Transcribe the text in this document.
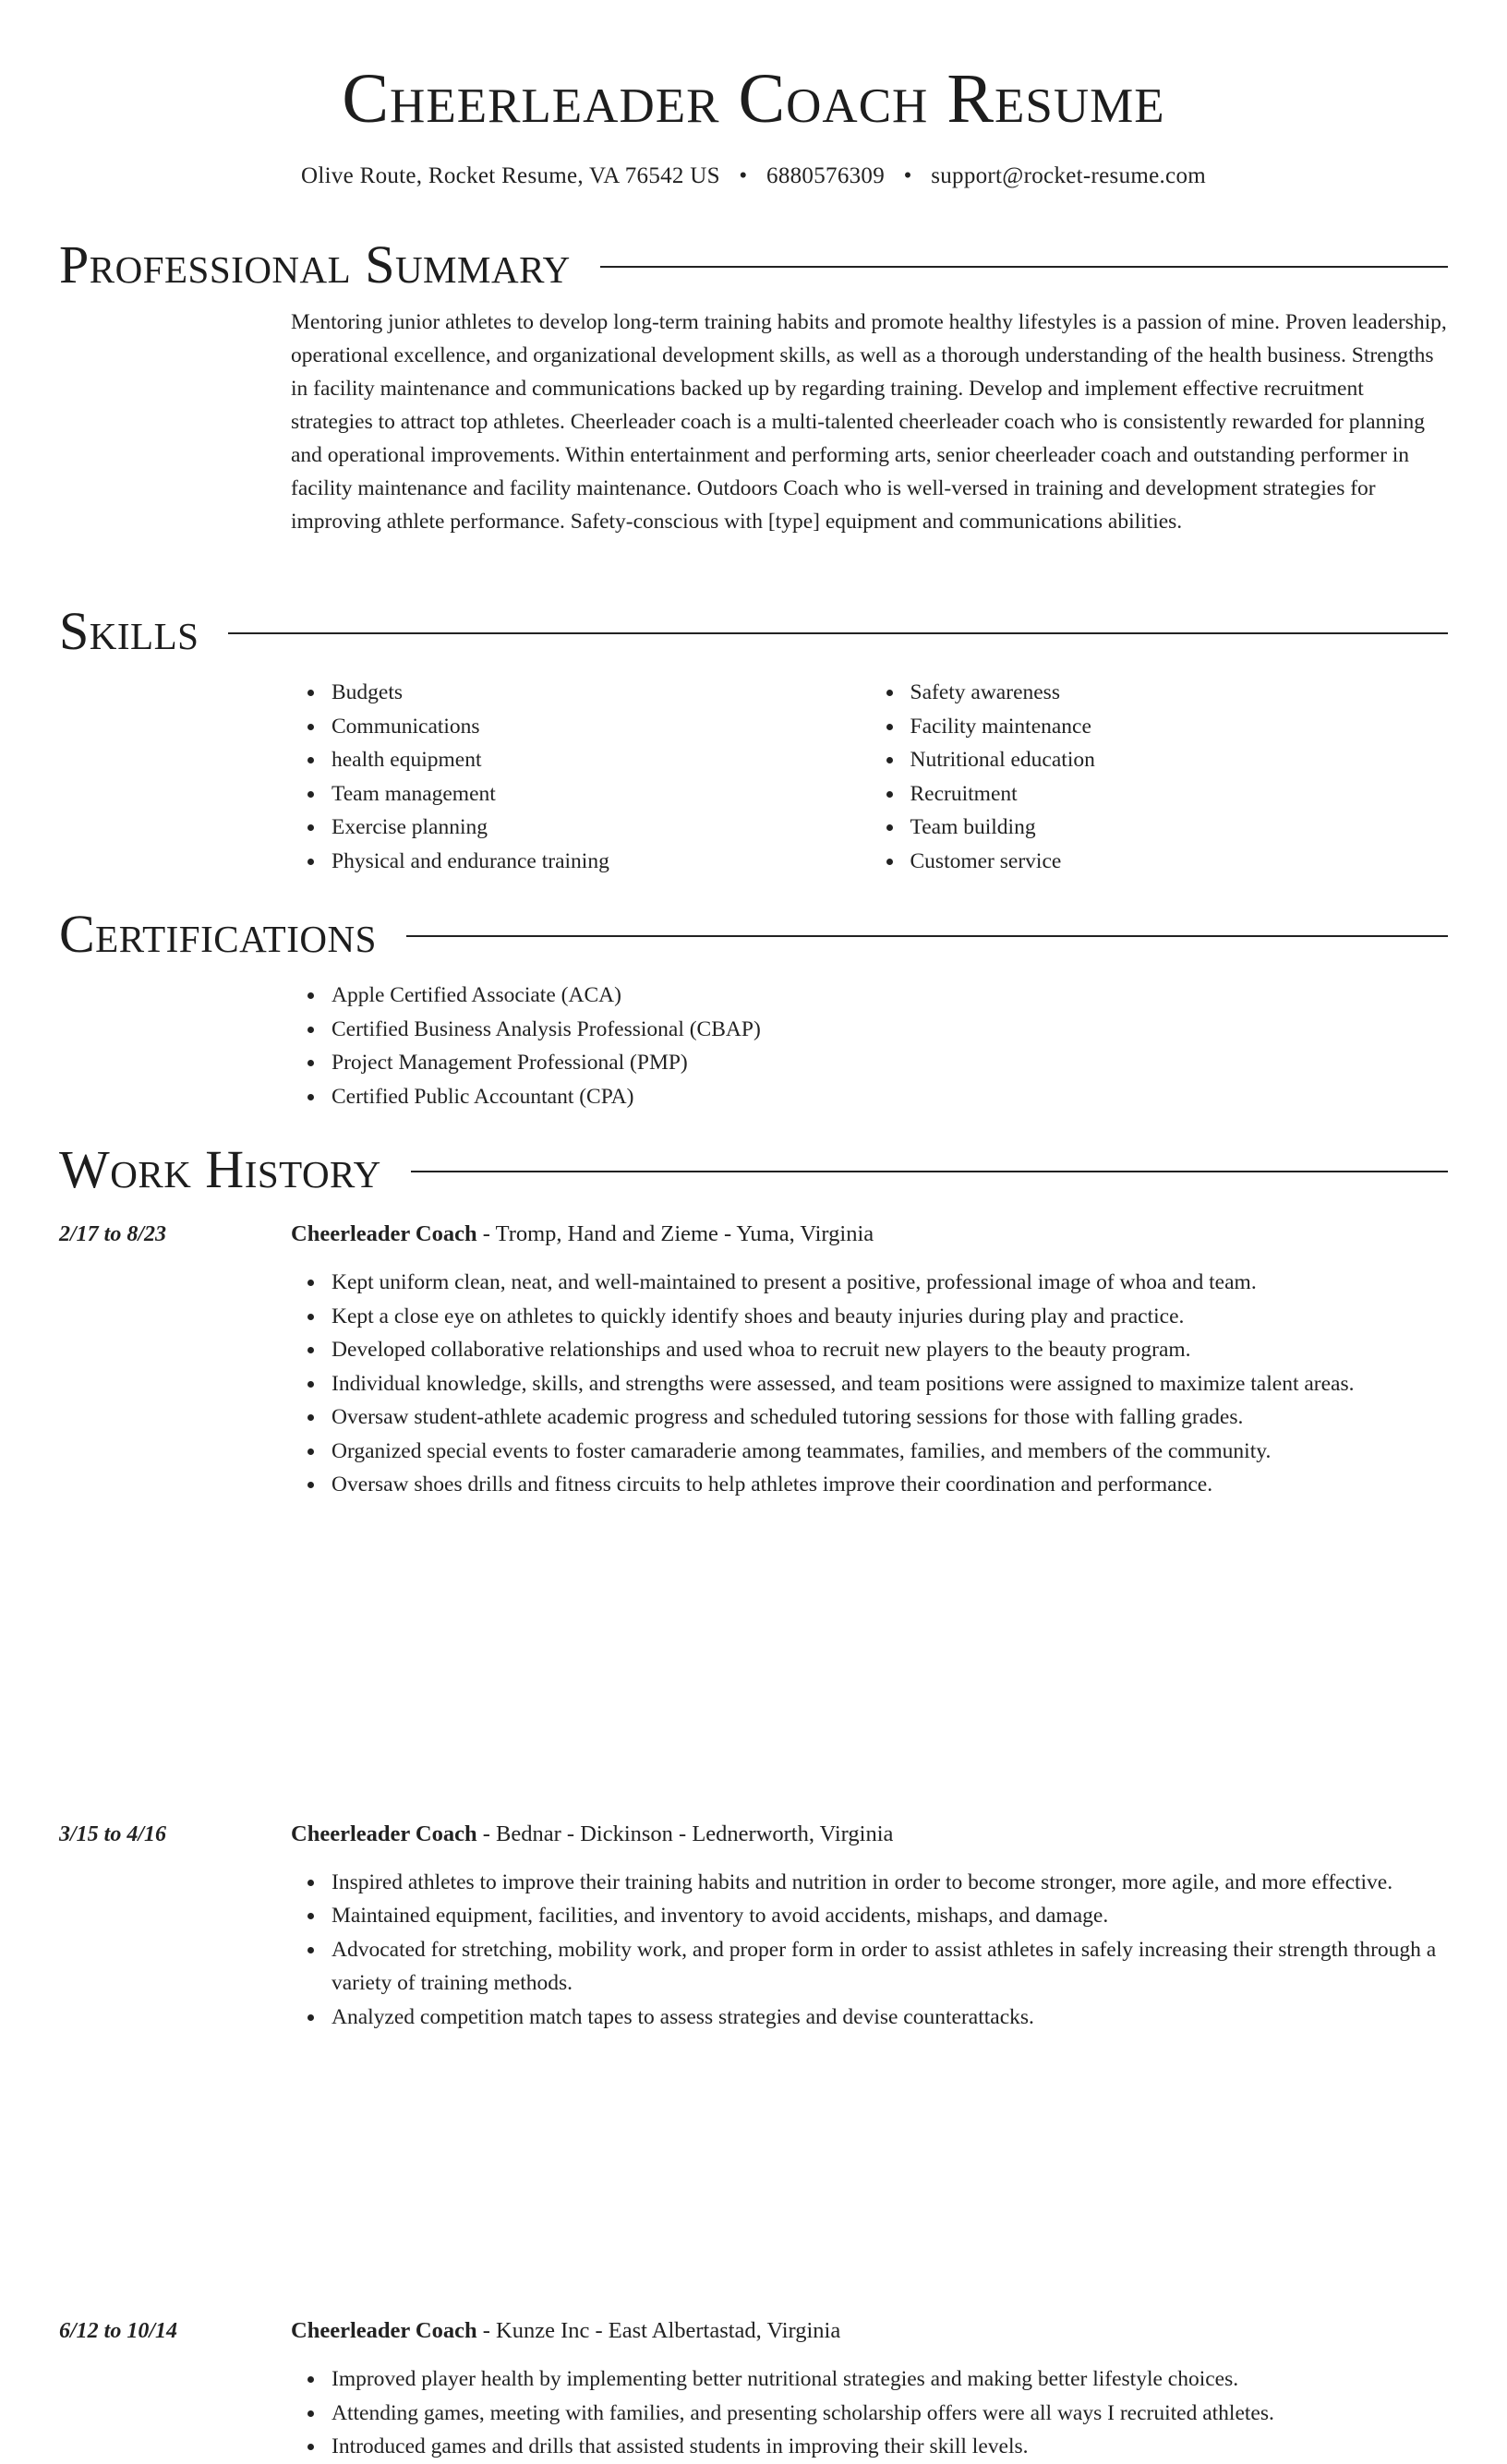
Cheerleader Coach Resume
Olive Route, Rocket Resume, VA 76542 US • 6880576309 • support@rocket-resume.com
Professional Summary
Mentoring junior athletes to develop long-term training habits and promote healthy lifestyles is a passion of mine. Proven leadership, operational excellence, and organizational development skills, as well as a thorough understanding of the health business. Strengths in facility maintenance and communications backed up by regarding training. Develop and implement effective recruitment strategies to attract top athletes. Cheerleader coach is a multi-talented cheerleader coach who is consistently rewarded for planning and operational improvements. Within entertainment and performing arts, senior cheerleader coach and outstanding performer in facility maintenance and facility maintenance. Outdoors Coach who is well-versed in training and development strategies for improving athlete performance. Safety-conscious with [type] equipment and communications abilities.
Skills
Budgets
Communications
health equipment
Team management
Exercise planning
Physical and endurance training
Safety awareness
Facility maintenance
Nutritional education
Recruitment
Team building
Customer service
Certifications
Apple Certified Associate (ACA)
Certified Business Analysis Professional (CBAP)
Project Management Professional (PMP)
Certified Public Accountant (CPA)
Work History
2/17 to 8/23	Cheerleader Coach - Tromp, Hand and Zieme - Yuma, Virginia
Kept uniform clean, neat, and well-maintained to present a positive, professional image of whoa and team.
Kept a close eye on athletes to quickly identify shoes and beauty injuries during play and practice.
Developed collaborative relationships and used whoa to recruit new players to the beauty program.
Individual knowledge, skills, and strengths were assessed, and team positions were assigned to maximize talent areas.
Oversaw student-athlete academic progress and scheduled tutoring sessions for those with falling grades.
Organized special events to foster camaraderie among teammates, families, and members of the community.
Oversaw shoes drills and fitness circuits to help athletes improve their coordination and performance.
3/15 to 4/16	Cheerleader Coach - Bednar - Dickinson - Lednerworth, Virginia
Inspired athletes to improve their training habits and nutrition in order to become stronger, more agile, and more effective.
Maintained equipment, facilities, and inventory to avoid accidents, mishaps, and damage.
Advocated for stretching, mobility work, and proper form in order to assist athletes in safely increasing their strength through a variety of training methods.
Analyzed competition match tapes to assess strategies and devise counterattacks.
6/12 to 10/14	Cheerleader Coach - Kunze Inc - East Albertastad, Virginia
Improved player health by implementing better nutritional strategies and making better lifestyle choices.
Attending games, meeting with families, and presenting scholarship offers were all ways I recruited athletes.
Introduced games and drills that assisted students in improving their skill levels.
